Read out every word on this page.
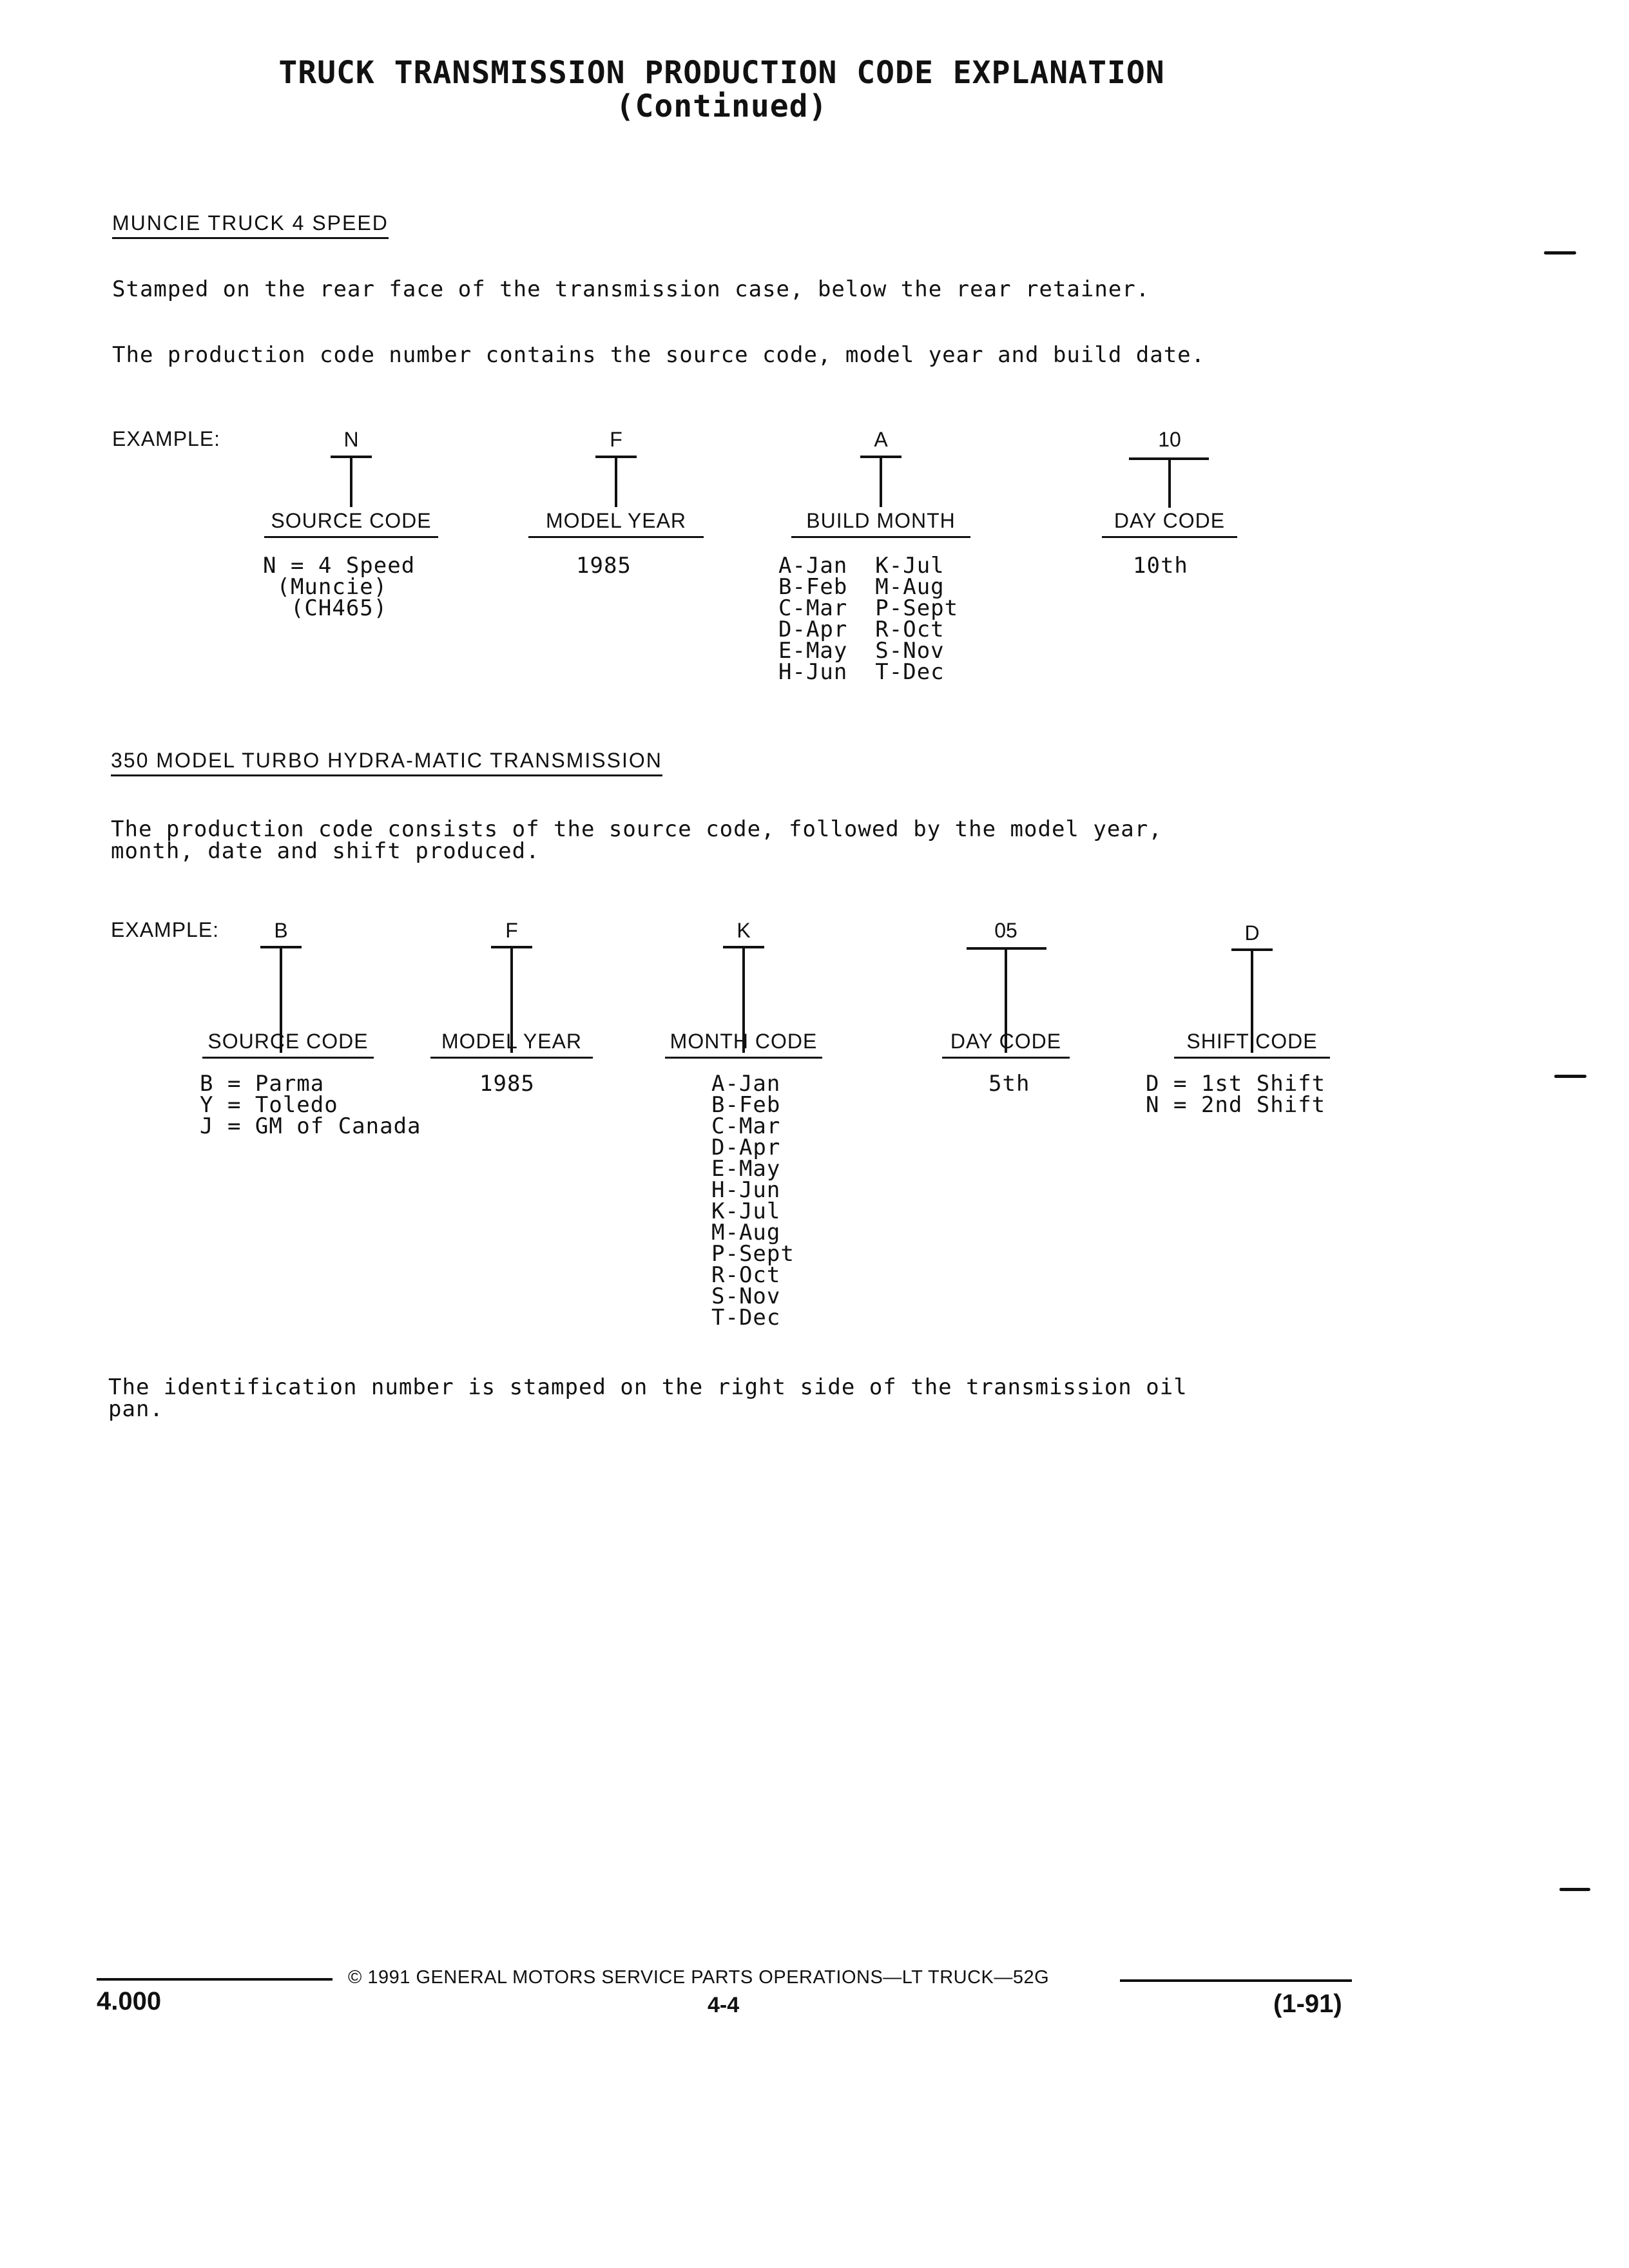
TRUCK TRANSMISSION PRODUCTION CODE EXPLANATION
(Continued)
MUNCIE TRUCK 4 SPEED
Stamped on the rear face of the transmission case, below the rear retainer.
The production code number contains the source code, model year and build date.
EXAMPLE:	N
SOURCE CODE
N = 4 Speed
(Muncie)
(CH465)
F
MODEL YEAR
1985
A
BUILD MONTH
A-Jan  K-Jul
B-Feb  M-Aug
C-Mar  P-Sept
D-Apr  R-Oct
E-May  S-Nov
H-Jun  T-Dec
10
DAY CODE
10th
350 MODEL TURBO HYDRA-MATIC TRANSMISSION
The production code consists of the source code, followed by the model year,
month, date and shift produced.
EXAMPLE:	B
SOURCE CODE
B = Parma
Y = Toledo
J = GM of Canada
F
MODEL YEAR
1985
K
MONTH CODE
A-Jan
B-Feb
C-Mar
D-Apr
E-May
H-Jun
K-Jul
M-Aug
P-Sept
R-Oct
S-Nov
T-Dec
05
DAY CODE
5th
D
SHIFT CODE
D = 1st Shift
N = 2nd Shift
The identification number is stamped on the right side of the transmission oil
pan.
© 1991 GENERAL MOTORS SERVICE PARTS OPERATIONS—LT TRUCK—52G
4.000	4-4	(1-91)
